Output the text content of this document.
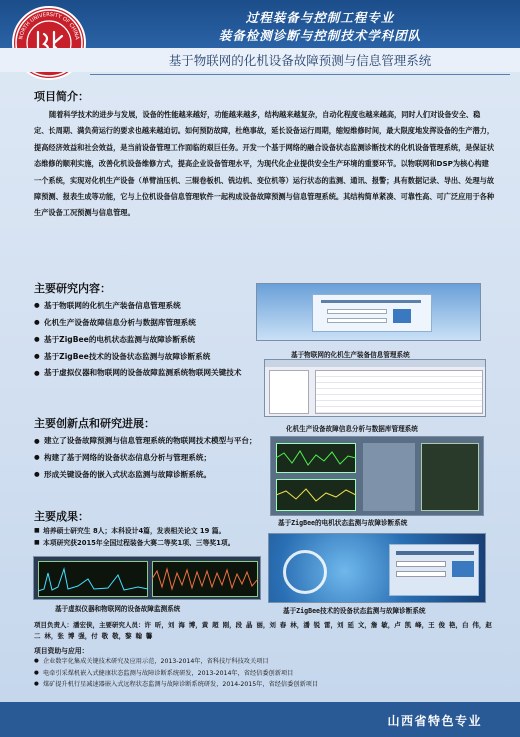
过程装备与控制工程专业
装备检测诊断与控制技术学科团队
NORTH UNIVERSITY OF CHINA
基于物联网的化机设备故障预测与信息管理系统
项目简介：
随着科学技术的进步与发展，设备的性能越来越好，功能越来越多，结构越来越复杂，自动化程度也越来越高，同时人们对设备安全、稳定、长周期、满负荷运行的要求也越来越迫切。如何预防故障，杜绝事故，延长设备运行周期，缩短维修时间，最大限度地发挥设备的生产潜力，提高经济效益和社会效益，是当前设备管理工作面临的艰巨任务。开发一个基于网络的融合设备状态监测诊断技术的化机设备管理系统，是保证状态维修的顺利实施，改善化机设备维修方式，提高企业设备管理水平，为现代化企业提供安全生产环境的重要环节。以物联网和DSP为核心构建一个系统，实现对化机生产设备（单臂油压机、三辊卷板机、铣边机、变位机等）运行状态的监测、通讯、报警；具有数据记录、导出、处理与故障预测、报表生成等功能，它与上位机设备信息管理软件一起构成设备故障预测与信息管理系统。其结构简单紧凑、可靠性高、可广泛应用于各种生产设备工况预测与信息管理。
主要研究内容：
● 基于物联网的化机生产装备信息管理系统
● 化机生产设备故障信息分析与数据库管理系统
● 基于ZigBee的电机状态监测与故障诊断系统
● 基于ZigBee技术的设备状态监测与故障诊断系统
● 基于虚拟仪器和物联网的设备故障监测系统物联网关键技术
主要创新点和研究进展：
● 建立了设备故障预测与信息管理系统的物联网技术模型与平台；
● 构建了基于网络的设备状态信息分析与管理系统；
● 形成关键设备的嵌入式状态监测与故障诊断系统。
主要成果：
■ 培养硕士研究生 8人；本科设计4篇，发表相关论文 19 篇。
■ 本项研究获2015年全国过程装备大赛二等奖1项、三等奖1项。
基于物联网的化机生产装备信息管理系统
化机生产设备故障信息分析与数据库管理系统
基于ZigBee的电机状态监测与故障诊断系统
基于虚拟仪器和物联网的设备故障监测系统	基于ZigBee技术的设备状态监测与故障诊断系统
项目负责人：潘宏侠，主要研究人员：许 昕，刘 海 博，黄 超 刚，段 晶 丽，刘 春 林，潘 锐 雷，刘 延 文，詹 敏，卢 凯 峰，王 俊 艳，白 伟，赵 二 林，张 博 强，付 敬 敬，黎 翰 馨
项目资助与应用：
● 企业数字化集成关键技术研究及应用示范，2013-2014年，省科技厅科技攻关项目
● 电牵引采煤机嵌入式健康状态监测与故障诊断系统研发，2013-2014年，省经信委创新项目
● 煤矿提升机行星减速器嵌入式远程状态监测与故障诊断系统研发，2014-2015年，省经信委创新项目
山西省特色专业
